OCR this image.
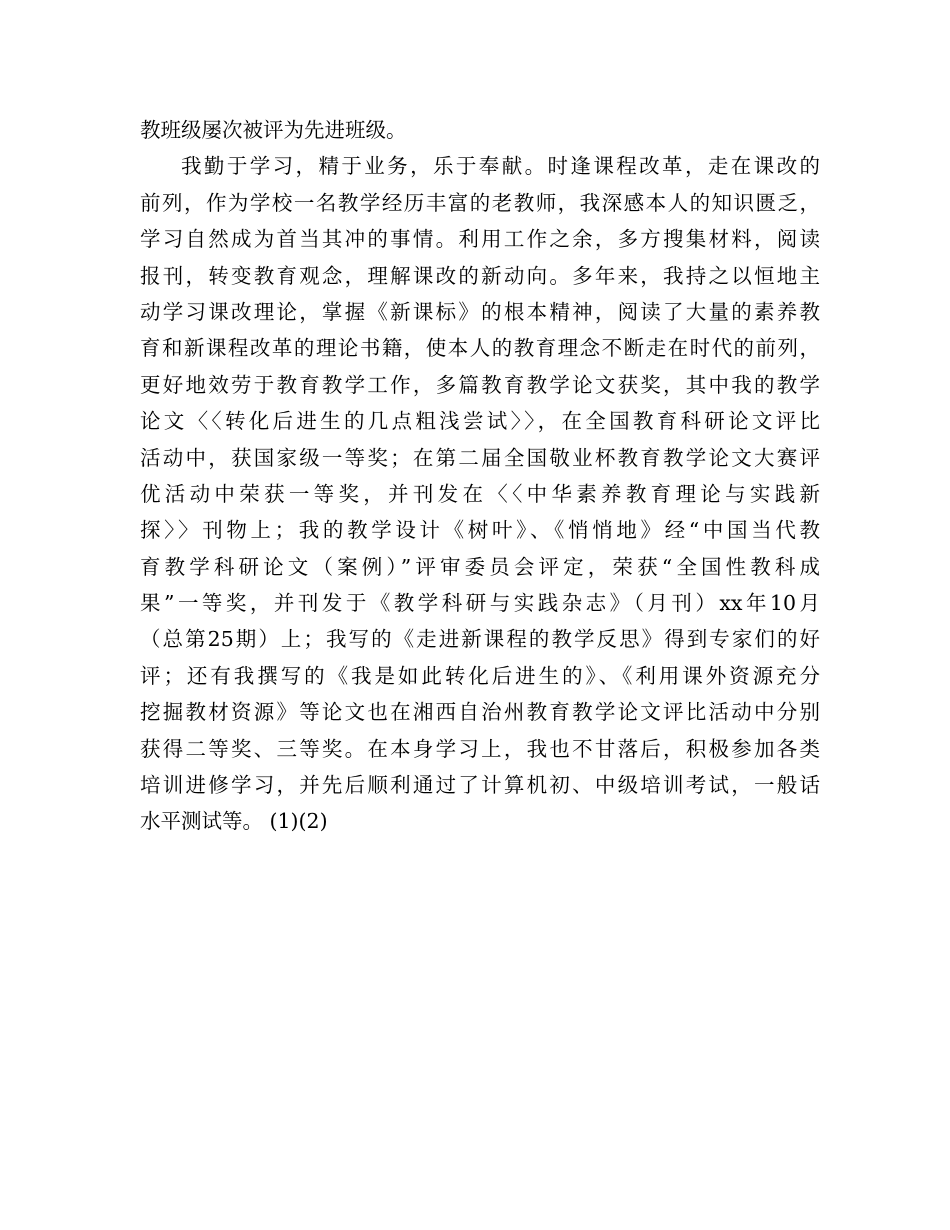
教班级屡次被评为先进班级。
我勤于学习，精于业务，乐于奉献。时逢课程改革，走在课改的
前列，作为学校一名教学经历丰富的老教师，我深感本人的知识匮乏，
学习自然成为首当其冲的事情。利用工作之余，多方搜集材料，阅读
报刊，转变教育观念，理解课改的新动向。多年来，我持之以恒地主
动学习课改理论，掌握《新课标》的根本精神，阅读了大量的素养教
育和新课程改革的理论书籍，使本人的教育理念不断走在时代的前列，
更好地效劳于教育教学工作，多篇教育教学论文获奖，其中我的教学
论文〈〈转化后进生的几点粗浅尝试〉〉，在全国教育科研论文评比
活动中，获国家级一等奖；在第二届全国敬业杯教育教学论文大赛评
优活动中荣获一等奖，并刊发在〈〈中华素养教育理论与实践新
探〉〉刊物上；我的教学设计《树叶》、《悄悄地》经“中国当代教
育教学科研论文（案例）”评审委员会评定，荣获“全国性教科成
果”一等奖，并刊发于《教学科研与实践杂志》（月刊）xx年10月
（总第25期）上；我写的《走进新课程的教学反思》得到专家们的好
评；还有我撰写的《我是如此转化后进生的》、《利用课外资源充分
挖掘教材资源》等论文也在湘西自治州教育教学论文评比活动中分别
获得二等奖、三等奖。在本身学习上，我也不甘落后，积极参加各类
培训进修学习，并先后顺利通过了计算机初、中级培训考试，一般话
水平测试等。 (1)(2)
